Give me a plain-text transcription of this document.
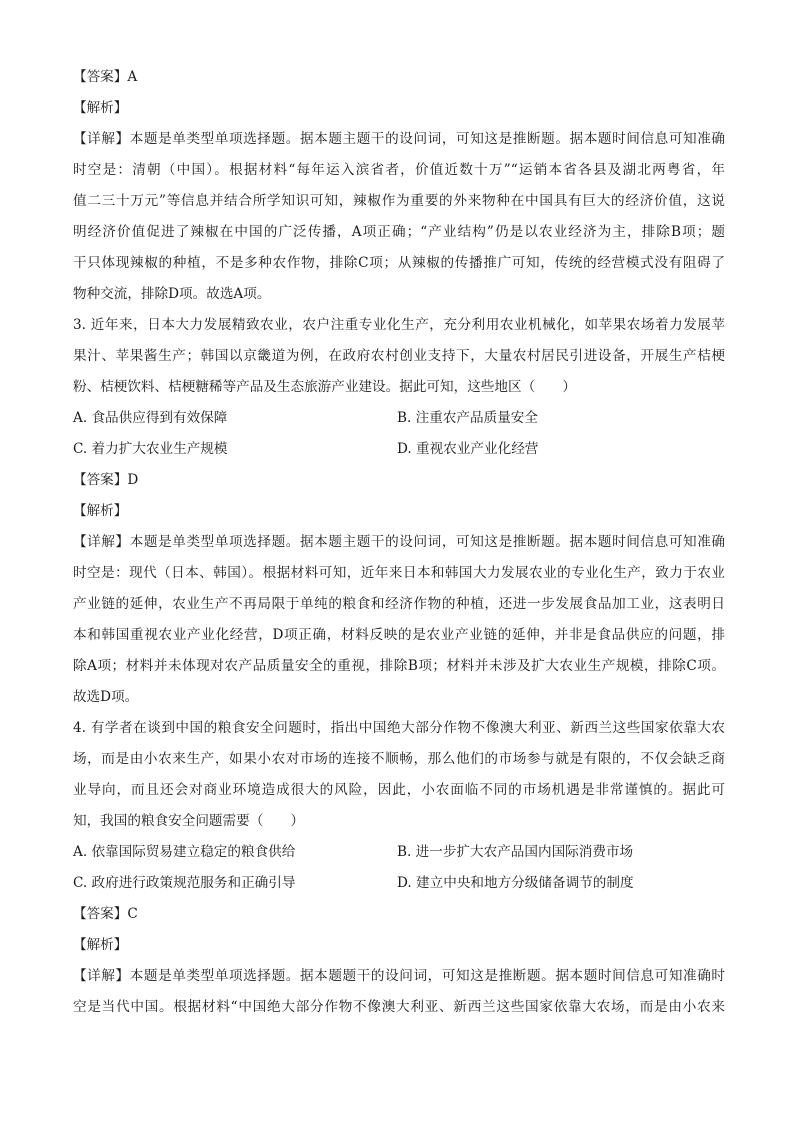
【答案】A
【解析】
【详解】本题是单类型单项选择题。据本题主题干的设问词，可知这是推断题。据本题时间信息可知准确
时空是：清朝（中国）。根据材料“每年运入滨省者，价值近数十万”“运销本省各县及湖北两粤省，年
值二三十万元”等信息并结合所学知识可知，辣椒作为重要的外来物种在中国具有巨大的经济价值，这说
明经济价值促进了辣椒在中国的广泛传播，A项正确；“产业结构”仍是以农业经济为主，排除B项；题
干只体现辣椒的种植，不是多种农作物，排除C项；从辣椒的传播推广可知，传统的经营模式没有阻碍了
物种交流，排除D项。故选A项。
3. 近年来，日本大力发展精致农业，农户注重专业化生产，充分利用农业机械化，如苹果农场着力发展苹
果汁、苹果酱生产；韩国以京畿道为例，在政府农村创业支持下，大量农村居民引进设备，开展生产桔梗
粉、桔梗饮料、桔梗糖稀等产品及生态旅游产业建设。据此可知，这些地区（　　）
A. 食品供应得到有效保障	B. 注重农产品质量安全
C. 着力扩大农业生产规模	D. 重视农业产业化经营
【答案】D
【解析】
【详解】本题是单类型单项选择题。据本题主题干的设问词，可知这是推断题。据本题时间信息可知准确
时空是：现代（日本、韩国）。根据材料可知，近年来日本和韩国大力发展农业的专业化生产，致力于农业
产业链的延伸，农业生产不再局限于单纯的粮食和经济作物的种植，还进一步发展食品加工业，这表明日
本和韩国重视农业产业化经营，D项正确，材料反映的是农业产业链的延伸，并非是食品供应的问题，排
除A项；材料并未体现对农产品质量安全的重视，排除B项；材料并未涉及扩大农业生产规模，排除C项。
故选D项。
4. 有学者在谈到中国的粮食安全问题时，指出中国绝大部分作物不像澳大利亚、新西兰这些国家依靠大农
场，而是由小农来生产，如果小农对市场的连接不顺畅，那么他们的市场参与就是有限的，不仅会缺乏商
业导向，而且还会对商业环境造成很大的风险，因此，小农面临不同的市场机遇是非常谨慎的。据此可
知，我国的粮食安全问题需要（　　）
A. 依靠国际贸易建立稳定的粮食供给	B. 进一步扩大农产品国内国际消费市场
C. 政府进行政策规范服务和正确引导	D. 建立中央和地方分级储备调节的制度
【答案】C
【解析】
【详解】本题是单类型单项选择题。据本题题干的设问词，可知这是推断题。据本题时间信息可知准确时
空是当代中国。根据材料“中国绝大部分作物不像澳大利亚、新西兰这些国家依靠大农场，而是由小农来
